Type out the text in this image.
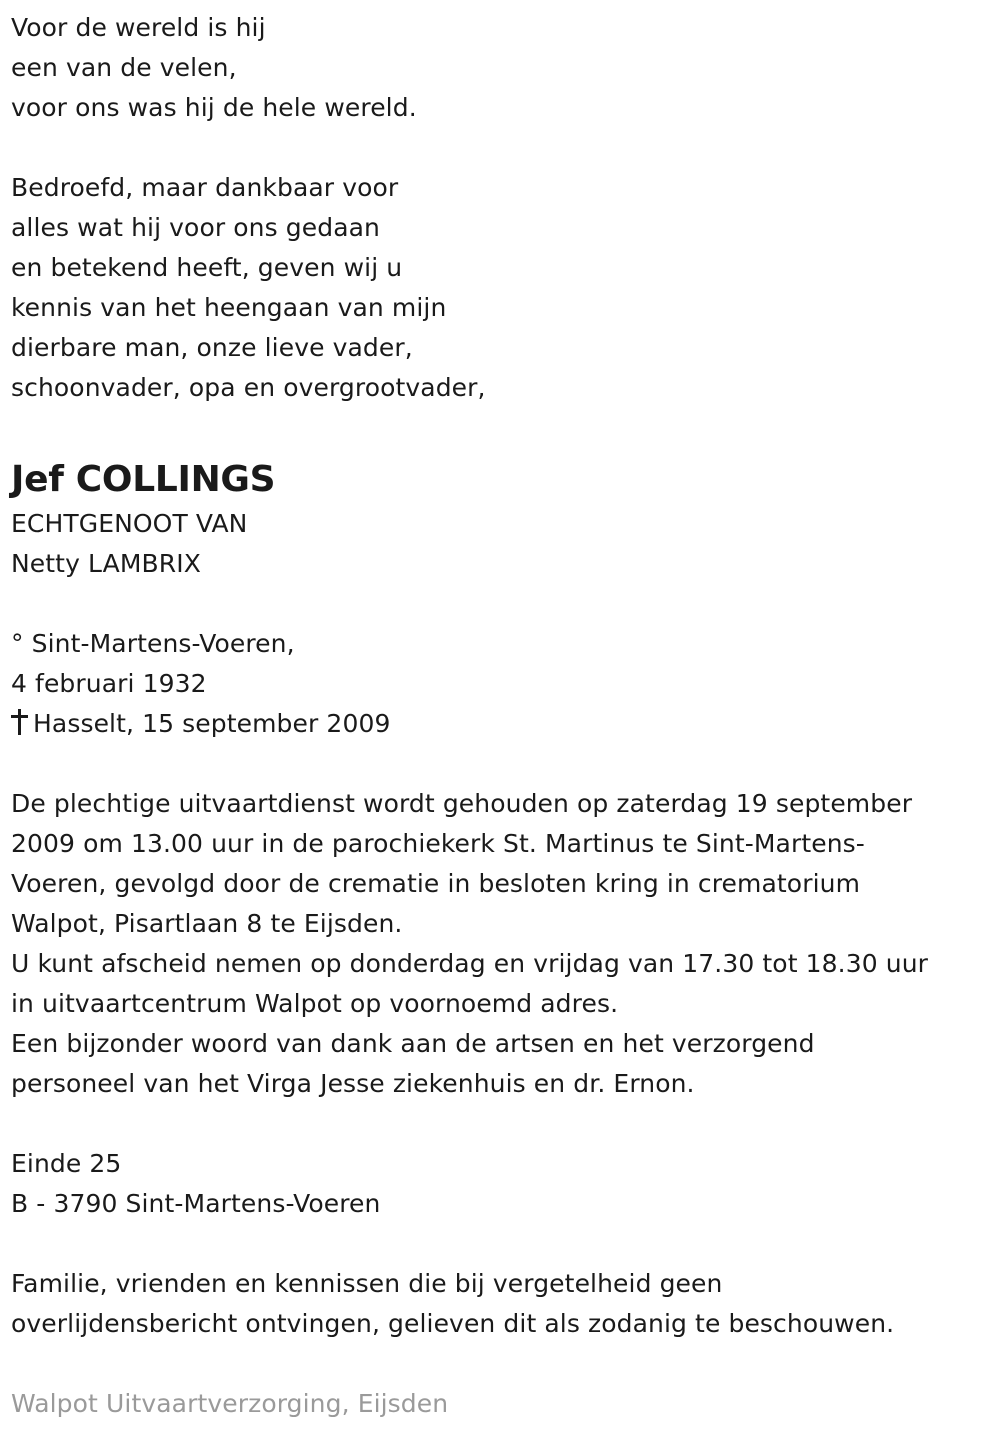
Voor de wereld is hij
een van de velen,
voor ons was hij de hele wereld.
Bedroefd, maar dankbaar voor
alles wat hij voor ons gedaan
en betekend heeft, geven wij u
kennis van het heengaan van mijn
dierbare man, onze lieve vader,
schoonvader, opa en overgrootvader,
Jef COLLINGS
ECHTGENOOT VAN
Netty LAMBRIX
° Sint-Martens-Voeren,
4 februari 1932
Hasselt, 15 september 2009
De plechtige uitvaartdienst wordt gehouden op zaterdag 19 september
2009 om 13.00 uur in de parochiekerk St. Martinus te Sint-Martens-
Voeren, gevolgd door de crematie in besloten kring in crematorium
Walpot, Pisartlaan 8 te Eijsden.
U kunt afscheid nemen op donderdag en vrijdag van 17.30 tot 18.30 uur
in uitvaartcentrum Walpot op voornoemd adres.
Een bijzonder woord van dank aan de artsen en het verzorgend
personeel van het Virga Jesse ziekenhuis en dr. Ernon.
Einde 25
B - 3790 Sint-Martens-Voeren
Familie, vrienden en kennissen die bij vergetelheid geen
overlijdensbericht ontvingen, gelieven dit als zodanig te beschouwen.
Walpot Uitvaartverzorging, Eijsden
